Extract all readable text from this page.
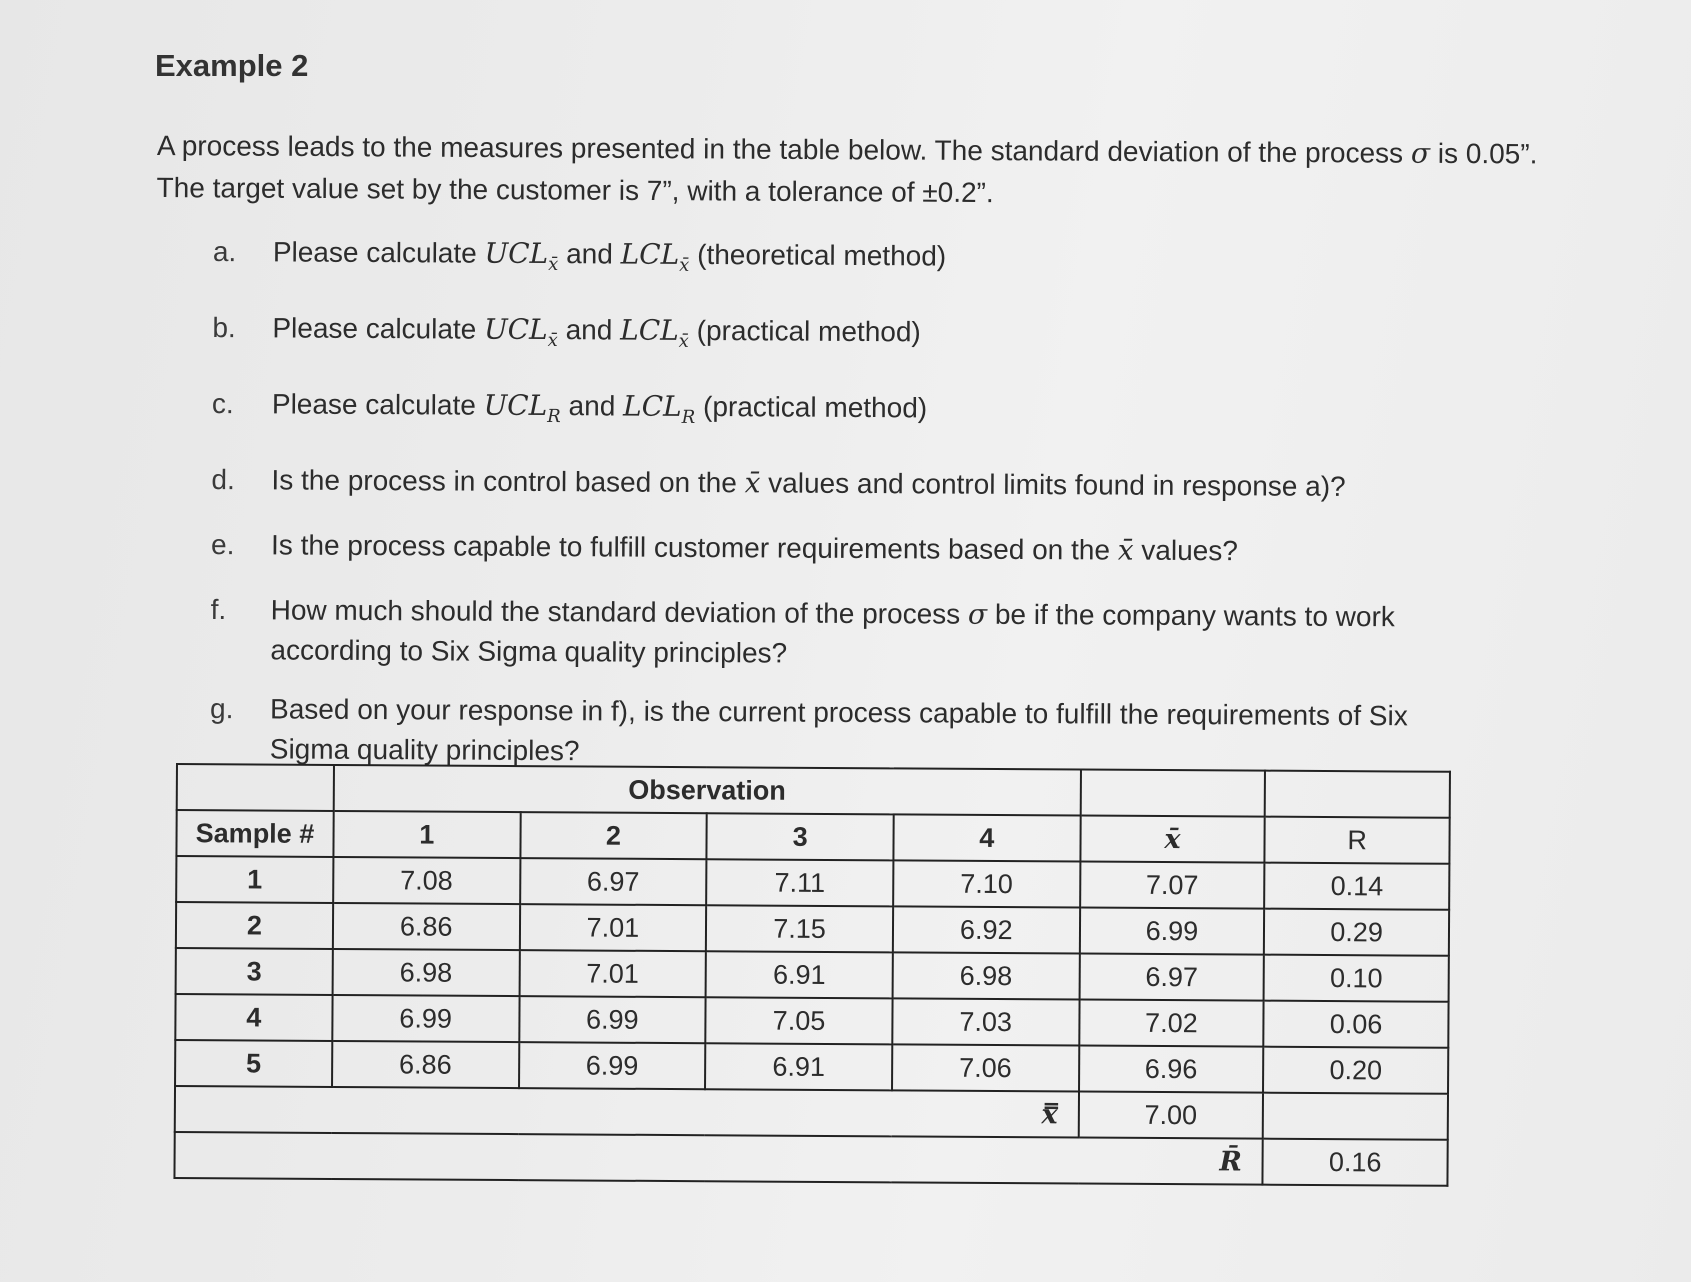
Example 2
A process leads to the measures presented in the table below. The standard deviation of the process σ is 0.05”. The target value set by the customer is 7”, with a tolerance of ±0.2”.
a.	Please calculate $UCL_{x̄}$ and $LCL_{x̄}$ (theoretical method)
b.	Please calculate $UCL_{x̄}$ and $LCL_{x̄}$ (practical method)
c.	Please calculate $UCL_R$ and $LCL_R$ (practical method)
d.	Is the process in control based on the x̄ values and control limits found in response a)?
e.	Is the process capable to fulfill customer requirements based on the x̄ values?
f.	How much should the standard deviation of the process σ be if the company wants to work according to Six Sigma quality principles?
g.	Based on your response in f), is the current process capable to fulfill the requirements of Six Sigma quality principles?
	Observation					
Sample #	1	2	3	4	x̄	R
1	7.08	6.97	7.11	7.10	7.07	0.14
2	6.86	7.01	7.15	6.92	6.99	0.29
3	6.98	7.01	6.91	6.98	6.97	0.10
4	6.99	6.99	7.05	7.03	7.02	0.06
5	6.86	6.99	6.91	7.06	6.96	0.20
x̿					7.00	
R̄						0.16
